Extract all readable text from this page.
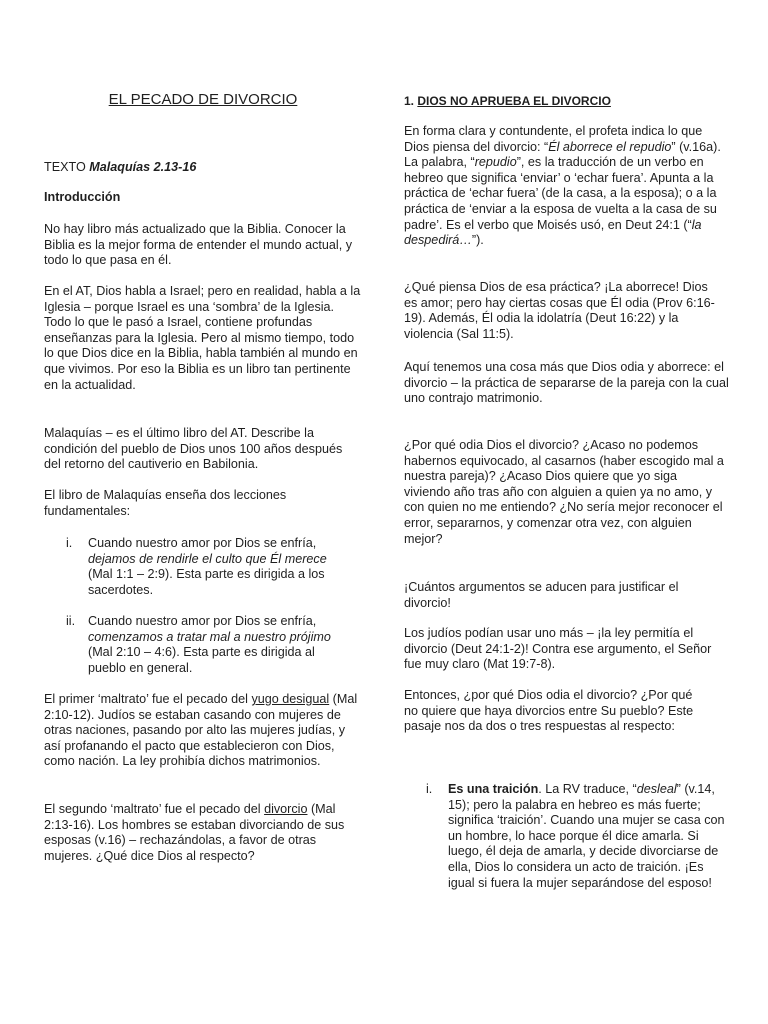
EL PECADO DE DIVORCIO

TEXTO Malaquías 2.13-16

Introducción

No hay libro más actualizado que la Biblia. Conocer la Biblia es la mejor forma de entender el mundo actual, y todo lo que pasa en él.

En el AT, Dios habla a Israel; pero en realidad, habla a la Iglesia – porque Israel es una ‘sombra’ de la Iglesia. Todo lo que le pasó a Israel, contiene profundas enseñanzas para la Iglesia. Pero al mismo tiempo, todo lo que Dios dice en la Biblia, habla también al mundo en que vivimos. Por eso la Biblia es un libro tan pertinente en la actualidad.

Malaquías – es el último libro del AT. Describe la condición del pueblo de Dios unos 100 años después del retorno del cautiverio en Babilonia.

El libro de Malaquías enseña dos lecciones fundamentales:

i. Cuando nuestro amor por Dios se enfría, dejamos de rendirle el culto que Él merece (Mal 1:1 – 2:9). Esta parte es dirigida a los sacerdotes.

ii. Cuando nuestro amor por Dios se enfría, comenzamos a tratar mal a nuestro prójimo (Mal 2:10 – 4:6). Esta parte es dirigida al pueblo en general.

El primer ‘maltrato’ fue el pecado del yugo desigual (Mal 2:10-12). Judíos se estaban casando con mujeres de otras naciones, pasando por alto las mujeres judías, y así profanando el pacto que establecieron con Dios, como nación. La ley prohibía dichos matrimonios.

El segundo ‘maltrato’ fue el pecado del divorcio (Mal 2:13-16). Los hombres se estaban divorciando de sus esposas (v.16) – rechazándolas, a favor de otras mujeres. ¿Qué dice Dios al respecto?

1. DIOS NO APRUEBA EL DIVORCIO

En forma clara y contundente, el profeta indica lo que Dios piensa del divorcio: “Él aborrece el repudio” (v.16a). La palabra, “repudio”, es la traducción de un verbo en hebreo que significa ‘enviar’ o ‘echar fuera’. Apunta a la práctica de ‘echar fuera’ (de la casa, a la esposa); o a la práctica de ‘enviar a la esposa de vuelta a la casa de su padre’. Es el verbo que Moisés usó, en Deut 24:1 (“la despedirá…”).

¿Qué piensa Dios de esa práctica? ¡La aborrece! Dios es amor; pero hay ciertas cosas que Él odia (Prov 6:16-19). Además, Él odia la idolatría (Deut 16:22) y la violencia (Sal 11:5).

Aquí tenemos una cosa más que Dios odia y aborrece: el divorcio – la práctica de separarse de la pareja con la cual uno contrajo matrimonio.

¿Por qué odia Dios el divorcio? ¿Acaso no podemos habernos equivocado, al casarnos (haber escogido mal a nuestra pareja)? ¿Acaso Dios quiere que yo siga viviendo año tras año con alguien a quien ya no amo, y con quien no me entiendo? ¿No sería mejor reconocer el error, separarnos, y comenzar otra vez, con alguien mejor?

¡Cuántos argumentos se aducen para justificar el divorcio!

Los judíos podían usar uno más – ¡la ley permitía el divorcio (Deut 24:1-2)! Contra ese argumento, el Señor fue muy claro (Mat 19:7-8).

Entonces, ¿por qué Dios odia el divorcio? ¿Por qué no quiere que haya divorcios entre Su pueblo? Este pasaje nos da dos o tres respuestas al respecto:

i. Es una traición. La RV traduce, “desleal” (v.14, 15); pero la palabra en hebreo es más fuerte; significa ‘traición’. Cuando una mujer se casa con un hombre, lo hace porque él dice amarla. Si luego, él deja de amarla, y decide divorciarse de ella, Dios lo considera un acto de traición. ¡Es igual si fuera la mujer separándose del esposo!
